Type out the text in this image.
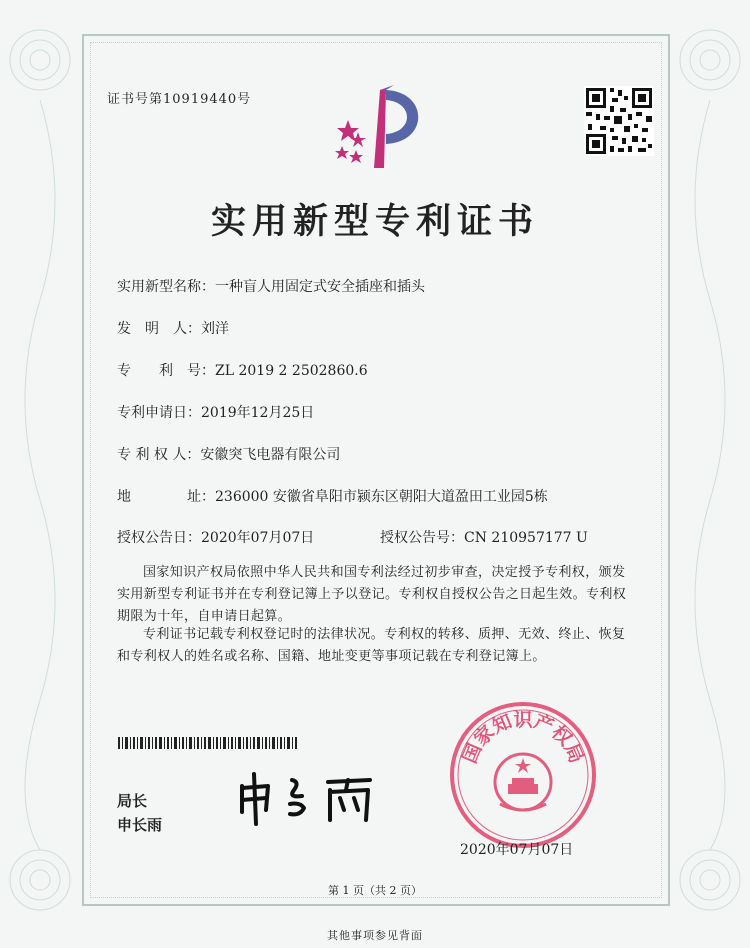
证书号第10919440号
实用新型专利证书
实用新型名称：一种盲人用固定式安全插座和插头
发　明　人：刘洋
专　　利　号：ZL 2019 2 2502860.6
专利申请日：2019年12月25日
专 利 权 人：安徽突飞电器有限公司
地　　　　址：236000 安徽省阜阳市颍东区朝阳大道盈田工业园5栋
授权公告日：2020年07月07日	授权公告号：CN 210957177 U
国家知识产权局依照中华人民共和国专利法经过初步审查，决定授予专利权，颁发实用新型专利证书并在专利登记簿上予以登记。专利权自授权公告之日起生效。专利权期限为十年，自申请日起算。
专利证书记载专利权登记时的法律状况。专利权的转移、质押、无效、终止、恢复和专利权人的姓名或名称、国籍、地址变更等事项记载在专利登记簿上。
局长
申长雨
国家知识产权局
2020年07月07日
第 1 页（共 2 页）
其他事项参见背面
